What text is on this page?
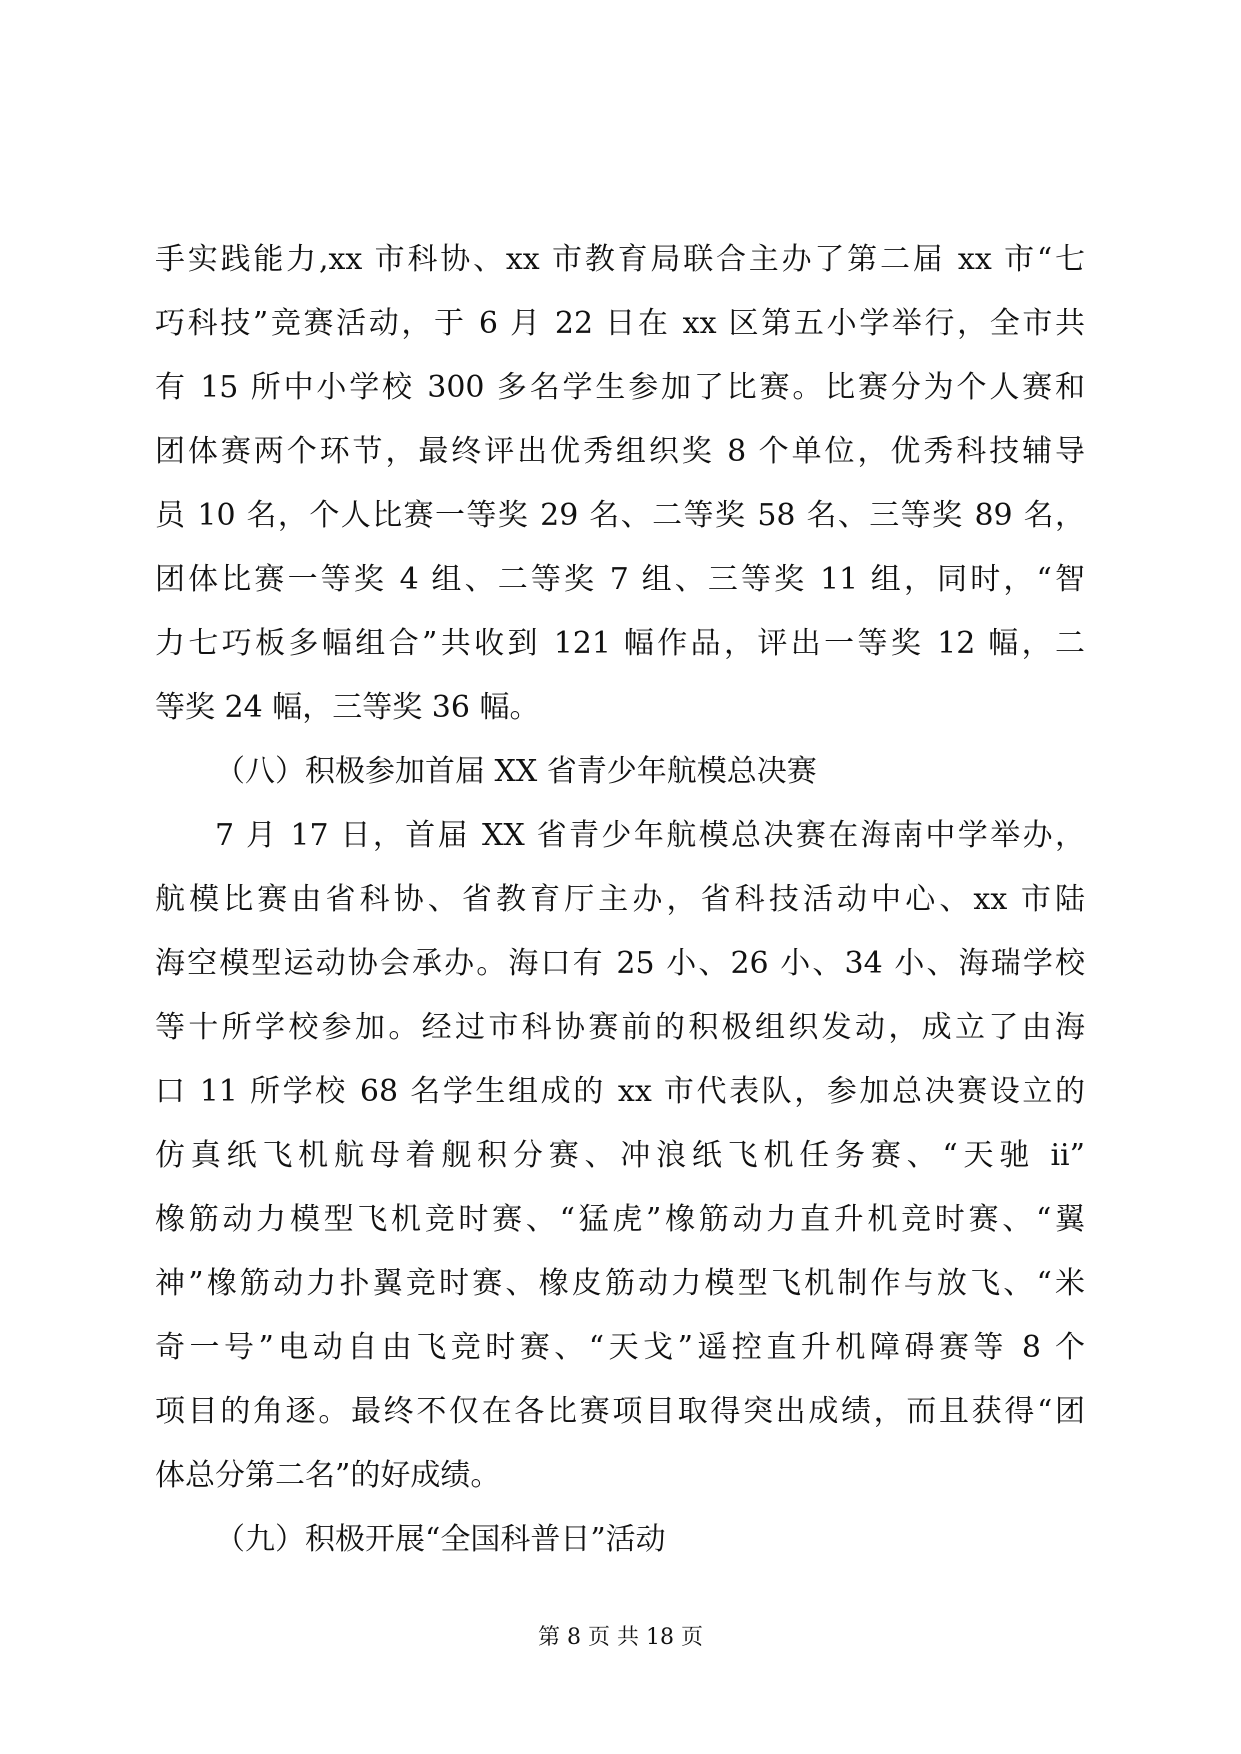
手实践能力,xx 市科协、xx 市教育局联合主办了第二届 xx 市“七
巧科技”竞赛活动，于 6 月 22 日在 xx 区第五小学举行，全市共
有 15 所中小学校 300 多名学生参加了比赛。比赛分为个人赛和
团体赛两个环节，最终评出优秀组织奖 8 个单位，优秀科技辅导
员 10 名，个人比赛一等奖 29 名、二等奖 58 名、三等奖 89 名，
团体比赛一等奖 4 组、二等奖 7 组、三等奖 11 组，同时，“智
力七巧板多幅组合”共收到 121 幅作品，评出一等奖 12 幅，二
等奖 24 幅，三等奖 36 幅。
（八）积极参加首届 XX 省青少年航模总决赛
7 月 17 日，首届 XX 省青少年航模总决赛在海南中学举办，
航模比赛由省科协、省教育厅主办，省科技活动中心、xx 市陆
海空模型运动协会承办。海口有 25 小、26 小、34 小、海瑞学校
等十所学校参加。经过市科协赛前的积极组织发动，成立了由海
口 11 所学校 68 名学生组成的 xx 市代表队，参加总决赛设立的
仿真纸飞机航母着舰积分赛、冲浪纸飞机任务赛、“天驰 ii”
橡筋动力模型飞机竞时赛、“猛虎”橡筋动力直升机竞时赛、“翼
神”橡筋动力扑翼竞时赛、橡皮筋动力模型飞机制作与放飞、“米
奇一号”电动自由飞竞时赛、“天戈”遥控直升机障碍赛等 8 个
项目的角逐。最终不仅在各比赛项目取得突出成绩，而且获得“团
体总分第二名”的好成绩。
（九）积极开展“全国科普日”活动
第 8 页 共 18 页
